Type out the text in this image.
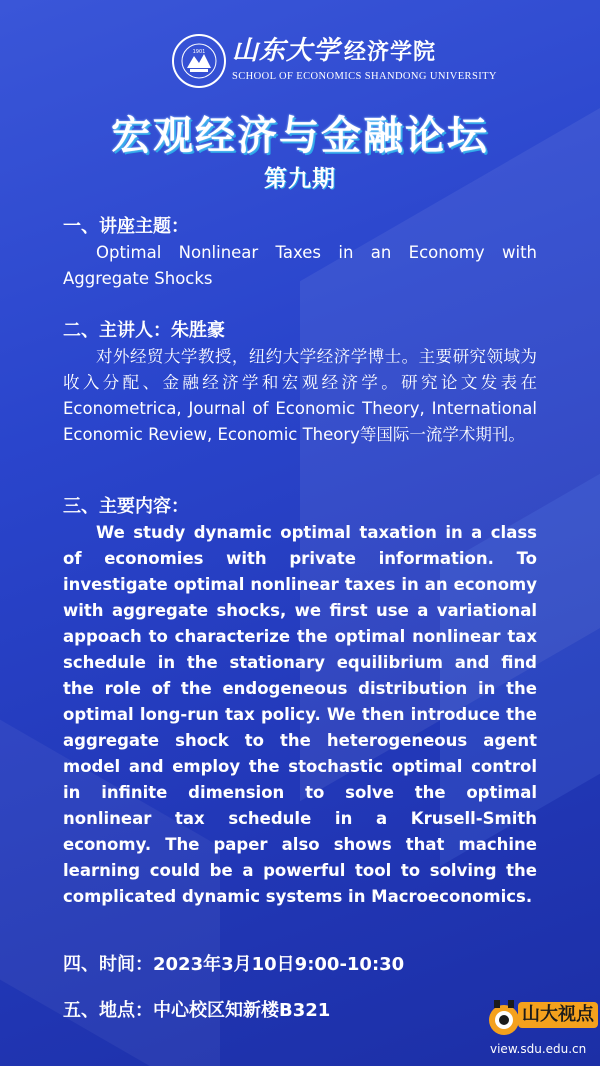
1901 山东大学 经济学院
SCHOOL OF ECONOMICS SHANDONG UNIVERSITY
宏观经济与金融论坛
第九期
一、讲座主题：
Optimal Nonlinear Taxes in an Economy with Aggregate Shocks
二、主讲人：朱胜豪
对外经贸大学教授，纽约大学经济学博士。主要研究领域为收入分配、金融经济学和宏观经济学。研究论文发表在Econometrica, Journal of Economic Theory, International Economic Review, Economic Theory等国际一流学术期刊。
三、主要内容：
We study dynamic optimal taxation in a class of economies with private information. To investigate optimal nonlinear taxes in an economy with aggregate shocks, we first use a variational appoach to characterize the optimal nonlinear tax schedule in the stationary equilibrium and find the role of the endogeneous distribution in the optimal long-run tax policy. We then introduce the aggregate shock to the heterogeneous agent model and employ the stochastic optimal control in infinite dimension to solve the optimal nonlinear tax schedule in a Krusell-Smith economy. The paper also shows that machine learning could be a powerful tool to solving the complicated dynamic systems in Macroeconomics.
四、时间：2023年3月10日9:00-10:30
五、地点：中心校区知新楼B321	山大视点
view.sdu.edu.cn
